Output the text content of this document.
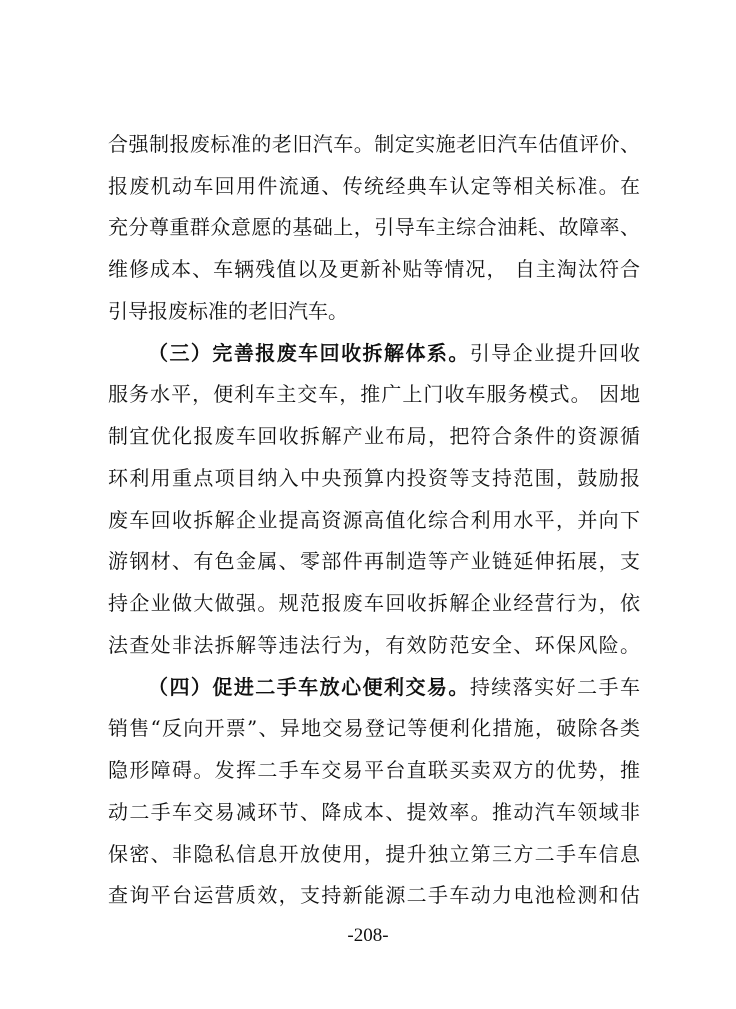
合强制报废标准的老旧汽车。制定实施老旧汽车估值评价、
报废机动车回用件流通、传统经典车认定等相关标准。在
充分尊重群众意愿的基础上，引导车主综合油耗、故障率、
维修成本、车辆残值以及更新补贴等情况， 自主淘汰符合
引导报废标准的老旧汽车。
（三）完善报废车回收拆解体系。引导企业提升回收
服务水平，便利车主交车，推广上门收车服务模式。 因地
制宜优化报废车回收拆解产业布局，把符合条件的资源循
环利用重点项目纳入中央预算内投资等支持范围，鼓励报
废车回收拆解企业提高资源高值化综合利用水平，并向下
游钢材、有色金属、零部件再制造等产业链延伸拓展，支
持企业做大做强。规范报废车回收拆解企业经营行为，依
法查处非法拆解等违法行为，有效防范安全、环保风险。
（四）促进二手车放心便利交易。持续落实好二手车
销售“反向开票”、异地交易登记等便利化措施，破除各类
隐形障碍。发挥二手车交易平台直联买卖双方的优势，推
动二手车交易减环节、降成本、提效率。推动汽车领域非
保密、非隐私信息开放使用，提升独立第三方二手车信息
查询平台运营质效，支持新能源二手车动力电池检测和估
-208-
